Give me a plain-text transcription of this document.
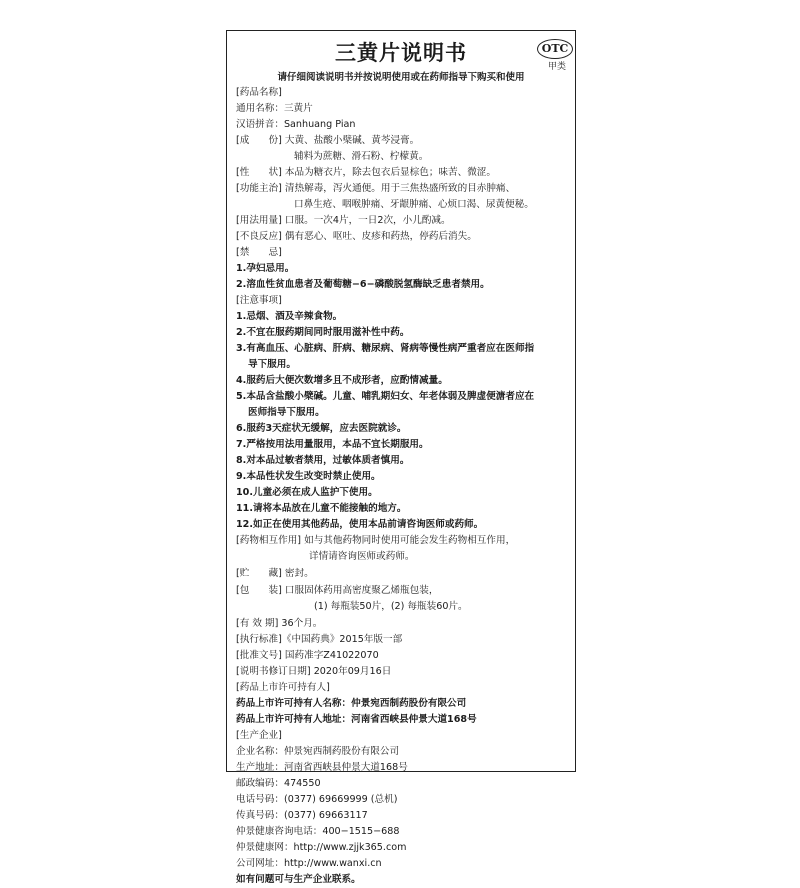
三黄片说明书	OTC
甲类
请仔细阅读说明书并按说明使用或在药师指导下购买和使用
[药品名称]
通用名称：三黄片
汉语拼音：Sanhuang Pian
[成　　份] 大黄、盐酸小檗碱、黄芩浸膏。
辅料为蔗糖、滑石粉、柠檬黄。
[性　　状] 本品为糖衣片，除去包衣后显棕色；味苦、微涩。
[功能主治] 清热解毒，泻火通便。用于三焦热盛所致的目赤肿痛、
口鼻生疮、咽喉肿痛、牙龈肿痛、心烦口渴、尿黄便秘。
[用法用量] 口服。一次4片，一日2次，小儿酌减。
[不良反应] 偶有恶心、呕吐、皮疹和药热，停药后消失。
[禁　　忌]
1.孕妇忌用。
2.溶血性贫血患者及葡萄糖−6−磷酸脱氢酶缺乏患者禁用。
[注意事项]
1.忌烟、酒及辛辣食物。
2.不宜在服药期间同时服用滋补性中药。
3.有高血压、心脏病、肝病、糖尿病、肾病等慢性病严重者应在医师指
导下服用。
4.服药后大便次数增多且不成形者，应酌情减量。
5.本品含盐酸小檗碱。儿童、哺乳期妇女、年老体弱及脾虚便溏者应在
医师指导下服用。
6.服药3天症状无缓解，应去医院就诊。
7.严格按用法用量服用，本品不宜长期服用。
8.对本品过敏者禁用，过敏体质者慎用。
9.本品性状发生改变时禁止使用。
10.儿童必须在成人监护下使用。
11.请将本品放在儿童不能接触的地方。
12.如正在使用其他药品，使用本品前请咨询医师或药师。
[药物相互作用] 如与其他药物同时使用可能会发生药物相互作用，
详情请咨询医师或药师。
[贮　　藏] 密封。
[包　　装] 口服固体药用高密度聚乙烯瓶包装，
(1) 每瓶装50片，(2) 每瓶装60片。
[有 效 期] 36个月。
[执行标准]《中国药典》2015年版一部
[批准文号] 国药准字Z41022070
[说明书修订日期] 2020年09月16日
[药品上市许可持有人]
药品上市许可持有人名称：仲景宛西制药股份有限公司
药品上市许可持有人地址：河南省西峡县仲景大道168号
[生产企业]
企业名称：仲景宛西制药股份有限公司
生产地址：河南省西峡县仲景大道168号
邮政编码：474550
电话号码：(0377) 69669999 (总机)
传真号码：(0377) 69663117
仲景健康咨询电话：400−1515−688
仲景健康网：http://www.zjjk365.com
公司网址：http://www.wanxi.cn
如有问题可与生产企业联系。
